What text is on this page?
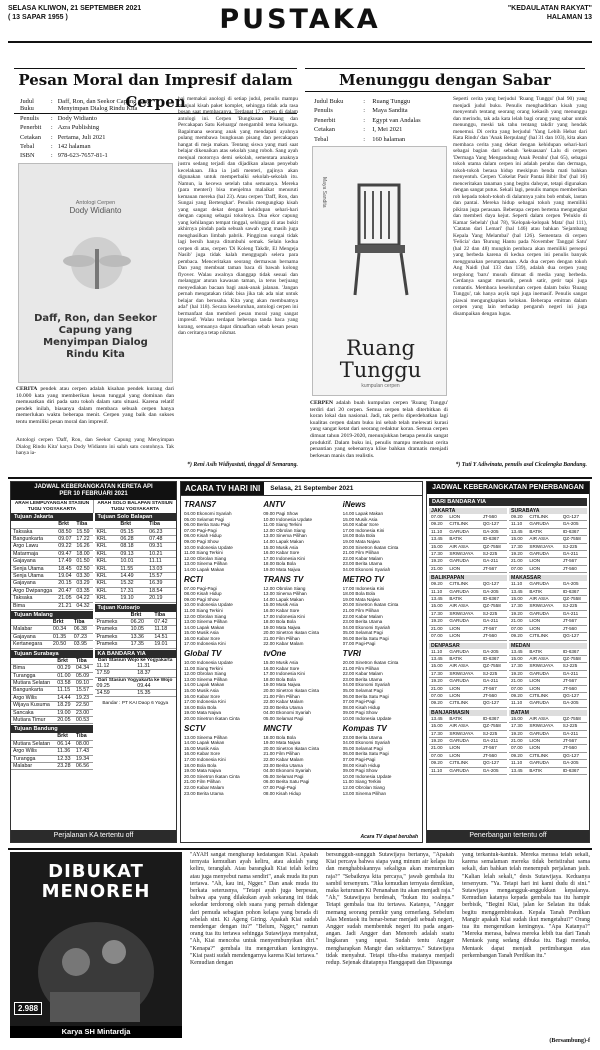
SELASA KLIWON, 21 SEPTEMBER 2021
( 13 SAPAR 1955 )	PUSTAKA	"KEDAULATAN RAKYAT"
HALAMAN 13
Pesan Moral dan Impresif dalam Cerpen
Judul Buku	:	Daff, Ron, dan Seekor Capung yang Menyimpan Dialog Rindu Kita
Penulis	:	Dody Widianto
Penerbit	:	Azra Publishing
Cetakan	:	Pertama, Juli 2021
Tebal	:	142 halaman
ISBN	:	978-623-7657-81-1
Antologi Cerpen
Dody Widianto
Daff, Ron, dan Seekor Capung yang Menyimpan Dialog Rindu Kita
CERITA pendek atau cerpen adalah kisahan pendek kurang dari 10.000 kata yang memberikan kesan tunggal yang dominan dan memusatkan diri pada satu tokoh dalam satu situasi. Karena relatif pendek inilah, biasanya dalam membaca sebuah cerpen hanya memerlukan waktu beberapa menit. Cerpen yang baik dan sukses tentu memiliki pesan moral dan impresif.
Antologi cerpen 'Daff, Ron, dan Seekor Capung yang Menyimpan Dialog Rindu Kita' karya Dody Widianto ini salah satu contohnya. Tak hanya ia-
hai memakai anologi di setiap judul, penulis mampu menjual kisah paket komplet, sehingga tidak ada rasa bosan saat membacanya. Terdapat 17 cerpen di dalam antologi ini. Cerpen 'Bungkusan Pisang dan Percakapan Satu Keluarga' mengambil tema keluarga. Bagaimana seorang anak yang mendapati ayahnya pulang membawa bungkusan pisang dan percakapan hangat di meja makan. Tentang siswa yang mati saat belajar dikenaikan atas sekolah yang roboh. Sang ayah menjual motornya demi sekolah, sementara anaknya justru sedang terjadi dan dijadikan alasan penyebab kecelakaan. Jika ia jadi menteri, gajinya akan digunakan untuk memperbaiki sekolah-sekolah itu. Namun, ia kecewa setelah tahu semuanya. Mereka (para menteri) bisa menjelma malaikat menuruti kemauan mereka (hal 23). Atau cerpen 'Daff, Ron, dan Sungai yang Bertengkar'. Penulis mengungkap kisah yang sangat dekat dengan kehidupan sehari-hari dengan capung sebagai tokohnya. Dua ekor capung yang kehilangan tempat tinggal, sehingga di atas bukit akhirnya pindah pada sebuah sawah yang masih juga menghasilkan limbah pabrik. Pinggiran sungai tidak lagi bersih hanya ditumbuhi semak. Selain kedua cerpen di atas, cerpen 'Di Koleng Takdir, El Mengeja Nasib' juga tidak kalah menggugah selera para pembaca. Menceritakan seorang dermawan bernama Dan yang membuat taman baca di bawah kolong flyover. Walau awalnya dianggap tidak sesuai dan melanggar aturan kawasan taman, ia terus berjuang menyediakan bacaan bagi anak-anak jalanan. 'Jangan pernah mengatakan tidak bisa jika tak ada niat untuk belajar dan berusaha. Kita yang akan membuatnya ada!' (hal 118). Secara keseluruhan, antologi cerpen ini bermanfaat dan memberi pesan moral yang sangat impresif. Walau terdapat beberapa tanda baca yang kurang, semuanya dapat dimaafkan sebab kesan pesan dan ceritanya tetap nikmat.
*) Reni Asih Widiyastuti, tinggal di Semarang.
Menunggu dengan Sabar
Judul Buku	:	Ruang Tunggu
Penulis	:	Maya Sandita
Penerbit	:	Egypt van Andalas
Cetakan	:	I, Mei 2021
Tebal	:	160 halaman

Maya Sandita
Ruang Tunggu
kumpulan cerpen
CERPEN adalah buah kumpulan cerpen 'Ruang Tunggu' terdiri dari 20 cerpen. Semua cerpen telah diterbitkan di koran lokal dan nasional. Jadi, tak perlu diperdebatkan lagi kualitas cerpen dalam buku ini sebab telah melewati kurasi yang sangat ketat dari seorang redaktur koran. Semua cerpen dimuat tahun 2019-2020, menunjukkan betapa penulis sangat produktif. Dalam buku ini, penulis mampu membuat cerita penantian yang sebenarnya klise bahkan dramatis menjadi berkesan manis dan realistis.
Seperti cerita yang berjudul 'Ruang Tunggu' (hal 90) yang menjadi judul buku. Penulis menghadirkan kisah yang menyentuh tentang seorang orang kekasih yang menunggu dan merindu, tak ada kata lelah bagi orang yang sabar untuk menunggu, meski tak tahu tentang takdir yang hendak menemui. Di cerita yang berjudul 'Yang Lebih Hebat dari Kata Rindu' dan 'Anak Berpulang' (hal 31 dan 103), kita akan membaca cerita yang dekat dengan kehidupan sehari-hari sebagai bagian dari sebuah 'kekuasaan' Lalu di cerpen 'Dermaga Yang Mengandung Anak Perahu' (hal 65), sebagai tokoh utama dalam cerpen ini adalah perahu dan dermaga, tokoh-tokoh berasa hidup meskipun benda mati bahkan menyentuh. Cerpen 'Cokelat Pasir Pantai Bibir Ibu' (hal 16) menceritakan tanaman yang begitu dahsyat, tetapi digunakan dengan sangat putus. Sekali lagi, penulis mampu memberikan rob kepada tokoh-tokoh di dalamnya yaitu bob embak, lautan dan pantai. Mereka hidup sebagai tokoh yang memiliki pikiran juga perasaan. Beberapa cerpen bertema mengangkat dan memberi daya kejut. Seperti dalam cerpen 'Peluklo di Kamar Sebelah' (hal 78), 'Kelopak-kelopak Mata' (hal 111), 'Catatan dari Lemari' (hal 146) atau bahkan 'Sejambang Kepala Yang Melambai' (hal 126). Sementara di cerpen 'Felicia' dan 'Burung Hantu pada November Tanggal Satu' (hal 22 dan 48) mungkin pembaca akan memiliki persepsi yang berbeda karena di kedua cerpen ini penulis banyak menggunakan perumpamaan. Ada dua cerpen dengan tokoh Ang Naidi (hal 133 dan 139), adalah dua cerpen yang tergolong 'baru' musuh dimuat di media yang berbeda. Cerdanya sangat menarik, penuh satir, getir tapi juga romantis. Membaca keseluruhan cerpen dalam buku 'Ruang Tunggu', tak hanya asyik tapi juga inemasif. Penulis sangat piawai mengungkapkan kelokan. Beberapa emitran dalam cerpen yang lain terhadap pengaruh negeri ini juga disampaikan dengan lugas.
*) Tuti Y Adiwinata, penulis asal Cicalengka Bandung.
JADWAL KEBERANGKATAN KERETA API
PER 10 FEBRUARI 2021
ARAH LEMPUYANGAN STASIUN TUGU YOGYAKARTA
ARAH SOLO BALAPAN STASIUN TUGU YOGYAKARTA
Tujuan Jakarta
	Brkt	Tiba
Taksaka	08.50	15.59
Bangunkarta	09.07	17.22
Argo Lawu	09.22	16.26
Matarmaja	09.47	18.00
Gajayana	17.49	01.50
Senja Utama	18.45	02.50
Senja Utama	19.04	03.30
Gajayana	20.15	03.29
Argo Dwipangga	20.47	03.35
Taksaka	21.05	04.22
Bima	21.21	04.32
Tujuan Malang
	Brkt	Tiba
Malabar	00.34	06.38
Gajayana	01.35	07.23
Kertanegara	20.50	03.95
Tujuan Surabaya
	Brkt	Tiba
Bima	00.29	04.34
Turangga	01.00	05.09
Mutiara Selatan	03.58	09.10
Bangunkarta	11.15	15.57
Argo Wilis	14.44	19.23
Wijaya Kusuma	18.29	22.50
Sancaka	19.00	23.00
Mutiara Timur	20.05	00.53
Tujuan Bandung
	Brkt	Tiba
Mutiara Selatan	06.14	08.00
Argo Wilis	11.36	17.43
Turangga	12.33	19.34
Malabar	23.28	06.56
Tujuan Solo Balapan
	Brkt	Tiba
KRL	05.15	06.23
KRL	06.28	07.48
KRL	08.18	09.31
KRL	09.13	10.21
KRL	10.01	11.11
KRL	11.55	13.03
KRL	14.49	15.57
KRL	15.32	16.39
KRL	17.31	18.54
KRL	19.10	20.19
Tujuan Kutoarjo
	Brkt	Tiba
Prameks	06.20	07.42
Prameks	10.05	11.18
Prameks	13.36	14.51
Prameks	17.35	19.01
KA BANDARA YIA
Dari Stasiun Wojo ke Yogyakarta
11.12	11.31
17.59	18.37
Dari Stasiun Yogyakarta ke Wojo
09.25	09.44
14.59	15.35
Bandar : PT KAI Daop 6 Yogya
Perjalanan KA tertentu off
ACARA TV HARI INI	Selasa, 21 September 2021
TRANS7
04.00 Ekonomi Syariah
05.00 Selamat Pagi
06.00 Berita Satu Pagi
07.00 Pagi-Pagi
08.00 Kisah Hidup
09.00 Pagi Show
10.00 Indonesia Update
11.00 Siang Terkini
12.00 Obrolan Siang
13.00 Sinema Pilihan
14.00 Lapak Makan
RCTI
07.00 Pagi-Pagi
08.00 Kisah Hidup
09.00 Pagi Show
10.00 Indonesia Update
11.00 Siang Terkini
12.00 Obrolan Siang
13.00 Sinema Pilihan
14.00 Lapak Makan
15.00 Musik Asia
16.00 Kabar Sore
17.00 Indonesia Kini
Global TV
10.00 Indonesia Update
11.00 Siang Terkini
12.00 Obrolan Siang
13.00 Sinema Pilihan
14.00 Lapak Makan
15.00 Musik Asia
16.00 Kabar Sore
17.00 Indonesia Kini
18.00 Bola Bola
19.00 Mata Najwa
20.00 Sinetron Ikatan Cinta
SCTV
13.00 Sinema Pilihan
14.00 Lapak Makan
15.00 Musik Asia
16.00 Kabar Sore
17.00 Indonesia Kini
18.00 Bola Bola
19.00 Mata Najwa
20.00 Sinetron Ikatan Cinta
21.00 Film Pilihan
22.00 Kabar Malam
23.00 Berita Utama
ANTV
09.00 Pagi Show
10.00 Indonesia Update
11.00 Siang Terkini
12.00 Obrolan Siang
13.00 Sinema Pilihan
14.00 Lapak Makan
15.00 Musik Asia
16.00 Kabar Sore
17.00 Indonesia Kini
18.00 Bola Bola
19.00 Mata Najwa
TRANS TV
12.00 Obrolan Siang
13.00 Sinema Pilihan
14.00 Lapak Makan
15.00 Musik Asia
16.00 Kabar Sore
17.00 Indonesia Kini
18.00 Bola Bola
19.00 Mata Najwa
20.00 Sinetron Ikatan Cinta
21.00 Film Pilihan
22.00 Kabar Malam
tvOne
15.00 Musik Asia
16.00 Kabar Sore
17.00 Indonesia Kini
18.00 Bola Bola
19.00 Mata Najwa
20.00 Sinetron Ikatan Cinta
21.00 Film Pilihan
22.00 Kabar Malam
23.00 Berita Utama
04.00 Ekonomi Syariah
05.00 Selamat Pagi
MNCTV
18.00 Bola Bola
19.00 Mata Najwa
20.00 Sinetron Ikatan Cinta
21.00 Film Pilihan
22.00 Kabar Malam
23.00 Berita Utama
04.00 Ekonomi Syariah
05.00 Selamat Pagi
06.00 Berita Satu Pagi
07.00 Pagi-Pagi
08.00 Kisah Hidup
iNews
14.00 Lapak Makan
15.00 Musik Asia
16.00 Kabar Sore
17.00 Indonesia Kini
18.00 Bola Bola
19.00 Mata Najwa
20.00 Sinetron Ikatan Cinta
21.00 Film Pilihan
22.00 Kabar Malam
23.00 Berita Utama
04.00 Ekonomi Syariah
METRO TV
17.00 Indonesia Kini
18.00 Bola Bola
19.00 Mata Najwa
20.00 Sinetron Ikatan Cinta
21.00 Film Pilihan
22.00 Kabar Malam
23.00 Berita Utama
04.00 Ekonomi Syariah
05.00 Selamat Pagi
06.00 Berita Satu Pagi
07.00 Pagi-Pagi
TVRI
20.00 Sinetron Ikatan Cinta
21.00 Film Pilihan
22.00 Kabar Malam
23.00 Berita Utama
04.00 Ekonomi Syariah
05.00 Selamat Pagi
06.00 Berita Satu Pagi
07.00 Pagi-Pagi
08.00 Kisah Hidup
09.00 Pagi Show
10.00 Indonesia Update
Kompas TV
23.00 Berita Utama
04.00 Ekonomi Syariah
05.00 Selamat Pagi
06.00 Berita Satu Pagi
07.00 Pagi-Pagi
08.00 Kisah Hidup
09.00 Pagi Show
10.00 Indonesia Update
11.00 Siang Terkini
12.00 Obrolan Siang
13.00 Sinema Pilihan
Acara TV dapat berubah
JADWAL KEBERANGKATAN PENERBANGAN
DARI BANDARA YIA
JAKARTA
07.00	LION	JT-560
09.20	CITILINK	QG-127
11.10	GARUDA	GA-205
13.45	BATIK	ID-6367
15.00	AIR ASIA	QZ-7558
17.30	SRIWIJAYA	SJ-225
19.20	GARUDA	GA-211
21.00	LION	JT-567
BALIKPAPAN
09.20	CITILINK	QG-127
11.10	GARUDA	GA-205
13.45	BATIK	ID-6367
15.00	AIR ASIA	QZ-7558
17.30	SRIWIJAYA	SJ-225
19.20	GARUDA	GA-211
21.00	LION	JT-567
07.00	LION	JT-560
DENPASAR
11.10	GARUDA	GA-205
13.45	BATIK	ID-6367
15.00	AIR ASIA	QZ-7558
17.30	SRIWIJAYA	SJ-225
19.20	GARUDA	GA-211
21.00	LION	JT-567
07.00	LION	JT-560
09.20	CITILINK	QG-127
BANJARMASIN
13.45	BATIK	ID-6367
15.00	AIR ASIA	QZ-7558
17.30	SRIWIJAYA	SJ-225
19.20	GARUDA	GA-211
21.00	LION	JT-567
07.00	LION	JT-560
09.20	CITILINK	QG-127
11.10	GARUDA	GA-205
SURABAYA
09.20	CITILINK	QG-127
11.10	GARUDA	GA-205
13.45	BATIK	ID-6367
15.00	AIR ASIA	QZ-7558
17.30	SRIWIJAYA	SJ-225
19.20	GARUDA	GA-211
21.00	LION	JT-567
07.00	LION	JT-560
MAKASSAR
11.10	GARUDA	GA-205
13.45	BATIK	ID-6367
15.00	AIR ASIA	QZ-7558
17.30	SRIWIJAYA	SJ-225
19.20	GARUDA	GA-211
21.00	LION	JT-567
07.00	LION	JT-560
09.20	CITILINK	QG-127
MEDAN
13.45	BATIK	ID-6367
15.00	AIR ASIA	QZ-7558
17.30	SRIWIJAYA	SJ-225
19.20	GARUDA	GA-211
21.00	LION	JT-567
07.00	LION	JT-560
09.20	CITILINK	QG-127
11.10	GARUDA	GA-205
BATAM
15.00	AIR ASIA	QZ-7558
17.30	SRIWIJAYA	SJ-225
19.20	GARUDA	GA-211
21.00	LION	JT-567
07.00	LION	JT-560
09.20	CITILINK	QG-127
11.10	GARUDA	GA-205
13.45	BATIK	ID-6367
Penerbangan tertentu off
DIBUKAT MENOREH
2.988
Karya SH Mintardja
"AYAH sangat mengharap kedatangan Kiai. Apakah ternyata kemudian ayah keliru, atau akulah yang keliru, teranglah. Atau barangkali Kiai telah keliru atau juga menyebut nama sendiri", anak muda itu pun tertawa. "Ah, kau ini, Ngger." Dan anak muda itu berkata seterusnya, "Tetapi ayah juga berpesan, bahwa apa yang dilakukan ayah sekarang ini tidak sekedar terdorong oleh suara yang pernah didengar dari pemuda sebagian pohon kelapa yang berada di sebelah sini. Ki Ageng Giring. Apakah Kiai sudah mendengar dengan itu?" "Belum, Ngger," namun orang tua itu tertawa sehingga Sutawijaya menyahut, "Ah, Kiai mencoba untuk menyembunyikan diri." "Kenapa?" gembala itu mengerutkan keningnya. "Kiai pasti sudah mendengarnya karena Kiai tertawa." Kemudian dengan
bersungguh-sungguh Sutawijaya bertanya, "Apakah Kiai percaya bahwa siapa yang minum air kelapa itu dan menghabiskannya sekaligus akan menurunkan raja?" "Sebaiknya kita percaya," jawab gembala itu sambil tersenyum. "Jika kemudian ternyata demikian, maka keturunan Ki Penanahan itu akan menjadi raja." "Ah," Sutawijaya berdesah, "bukan itu soalnya." Tetapi gembala tua itu tertawa. Katanya, "Angger memang seorang pemikir yang cemerlang. Sebelum Alas Mentaok itu benar-benar menjadi sebuah negeri, Angger sudah membentuk negeri itu pada angan-angan. Jadi Angger dan Menoreh adalah suatu lingkaran yang rapat. Sudah tentu Angger mengharapkan Mangir dan sekitarnya." Sutawijaya tidak menyahut. Tetapi tiba-tiba matanya menjadi redup. Sejenak ditatapnya Hanggapati dan Dipasunga
yang terkantuk-kantuk. Mereka merasa telah sekali, karena semalaman mereka tidak beristirahat sama sekali, dan bahkan telah menempuh perjalanan jauh. "Kalian lelah sekali," desis Sutawijaya. Keduanya tersenyum. "Ya. Tetapi hari ini kami dudu di sini." Sutawijaya mengangguk-anggukkan kepalanya. Kemudian katanya kepada gembala tua itu hampir berbisik, "Begini Kiai, jalan ke Selatan itu tidak begitu menggembirakan. Kepala Tanah Perdikan Mangir apakah Kiai sudah ikut mengetahui?" Orang tua itu mengerutkan keningnya. "Apa Katanya?" "Mereka merasa, bahwa mereka lebih tua dari Tanah Mentaok yang sedang dibuka itu. Bagi mereka, Mentaok dapat menjadi pertimbangan atas perkembangan Tanah Perdikan itu."
(Bersambung)-f
